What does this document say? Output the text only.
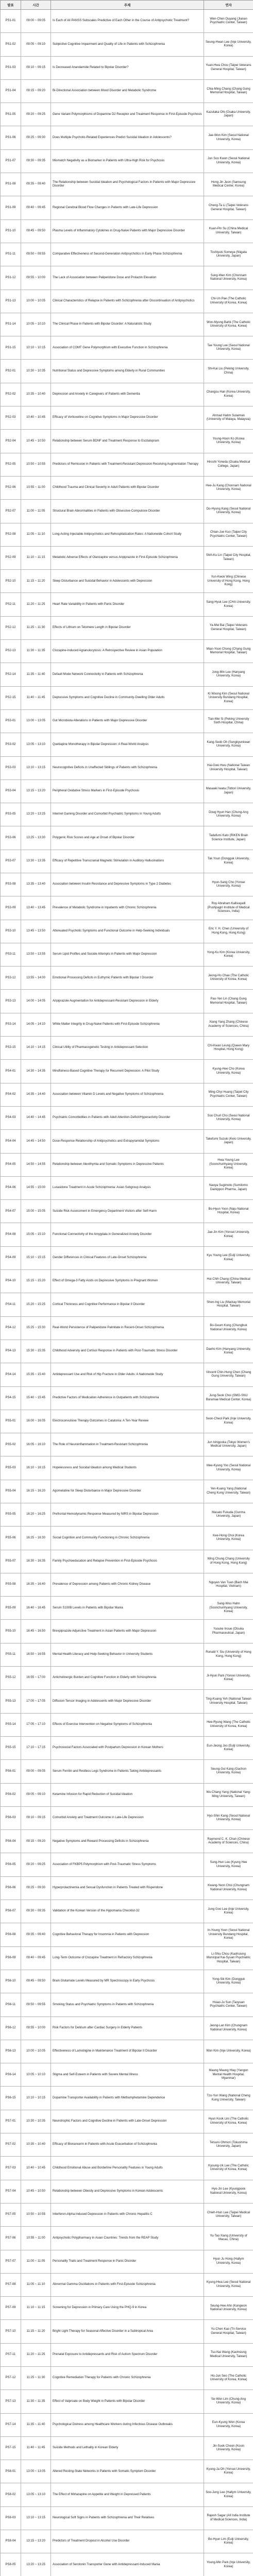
발표	시간	주제	연자
PS1-01	09:00 ~ 09:05	Is Each of All PANSS Subscales Predictive of Each Other in the Course of Antipsychotic Treatment?	Wen-Chen Ouyang (Jianan Psychiatric Center, Taiwan)
PS1-02	09:05 ~ 09:10	Subjective Cognitive Impairment and Quality of Life in Patients with Schizophrenia	Seung-Hwan Lee (Inje University, Korea)
PS1-03	09:10 ~ 09:15	Is Decreased Anandamide Related to Bipolar Disorder?	Yuan-Hwa Chou (Taipei Veterans General Hospital, Taiwan)
PS1-04	09:15 ~ 09:20	Bi-Directional Association between Mood Disorder and Metabolic Syndrome	Chia-Ming Chang (Chang Gung Memorial Hospital, Taiwan)
PS1-05	09:20 ~ 09:25	Gene Variant Polymorphisms of Dopamine D2 Receptor and Treatment Response in First-Episode Psychosis	Kazutaka Ohi (Osaka University, Japan)
PS1-06	09:25 ~ 09:30	Does Multiple Psychotic-Related Experiences Predict Suicidal Ideation in Adolescents?	Jae-Won Kim (Seoul National University, Korea)
PS1-07	09:30 ~ 09:35	Mismatch Negativity as a Biomarker in Patients with Ultra-High Risk for Psychosis	Jun Soo Kwon (Seoul National University, Korea)
PS1-08	09:35 ~ 09:40	The Relationship between Suicidal Ideation and Psychological Factors in Patients with Major Depressive Disorder	Hong Jin Jeon (Samsung Medical Center, Korea)
PS1-09	09:40 ~ 09:45	Regional Cerebral Blood Flow Changes in Patients with Late-Life Depression	Cheng-Ta Li (Taipei Veterans General Hospital, Taiwan)
PS1-10	09:45 ~ 09:50	Plasma Levels of Inflammatory Cytokines in Drug-Naive Patients with Major Depressive Disorder	Kuan-Pin Su (China Medical University, Taiwan)
PS1-11	09:50 ~ 09:55	Comparative Effectiveness of Second-Generation Antipsychotics in Early Phase Schizophrenia	Toshiyuki Someya (Niigata University, Japan)
PS1-12	09:55 ~ 10:00	The Lack of Association between Paliperidone Dose and Prolactin Elevation	Sung-Wan Kim (Chonnam National University, Korea)
PS1-13	10:00 ~ 10:05	Clinical Characteristics of Relapse in Patients with Schizophrenia after Discontinuation of Antipsychotics	Chi-Un Pae (The Catholic University of Korea, Korea)
PS1-14	10:05 ~ 10:10	The Clinical Phase in Patients with Bipolar Disorder: A Naturalistic Study	Won-Myong Bahk (The Catholic University of Korea, Korea)
PS1-15	10:10 ~ 10:15	Association of COMT Gene Polymorphism with Executive Function in Schizophrenia	Tae Young Lee (Seoul National University, Korea)
PS2-01	10:30 ~ 10:35	Nutritional Status and Depressive Symptoms among Elderly in Rural Communities	Shi-Kai Liu (Peking University, China)
PS2-02	10:35 ~ 10:40	Depression and Anxiety in Caregivers of Patients with Dementia	Changsu Han (Korea University, Korea)
PS2-03	10:40 ~ 10:45	Efficacy of Vortioxetine on Cognitive Symptoms in Major Depressive Disorder	Ahmad Hatim Sulaiman (University of Malaya, Malaysia)
PS2-04	10:45 ~ 10:50	Relationship between Serum BDNF and Treatment Response to Escitalopram	Young-Hoon Ko (Korea University, Korea)
PS2-05	10:50 ~ 10:55	Predictors of Remission in Patients with Treatment-Resistant Depression Receiving Augmentation Therapy	Hiroshi Yoneda (Osaka Medical College, Japan)
PS2-06	10:55 ~ 11:00	Childhood Trauma and Clinical Severity in Adult Patients with Bipolar Disorder	Hee-Ju Kang (Chonnam National University, Korea)
PS2-07	11:00 ~ 11:05	Structural Brain Abnormalities in Patients with Obsessive-Compulsive Disorder	Do-Hyung Kang (Seoul National University, Korea)
PS2-08	11:05 ~ 11:10	Long-Acting Injectable Antipsychotics and Rehospitalization Rates: A Nationwide Cohort Study	Chian-Jue Kuo (Taipei City Psychiatric Center, Taiwan)
PS2-09	11:10 ~ 11:15	Metabolic Adverse Effects of Olanzapine versus Aripiprazole in First-Episode Schizophrenia	Shih-Ku Lin (Taipei City Hospital, Taiwan)
PS2-10	11:15 ~ 11:20	Sleep Disturbance and Suicidal Behavior in Adolescents with Depression	Yun-Kwok Wing (Chinese University of Hong Kong, Hong Kong)
PS2-11	11:20 ~ 11:25	Heart Rate Variability in Patients with Panic Disorder	Sang-Hyuk Lee (CHA University, Korea)
PS2-12	11:25 ~ 11:30	Effects of Lithium on Telomere Length in Bipolar Disorder	Ya-Mei Bai (Taipei Veterans General Hospital, Taiwan)
PS2-13	11:30 ~ 11:35	Clozapine-Induced Agranulocytosis: A Retrospective Review in Asian Population	Mian-Yoon Chong (Chang Gung Memorial Hospital, Taiwan)
PS2-14	11:35 ~ 11:40	Default Mode Network Connectivity in Patients with Schizophrenia	Jong-Min Lee (Hanyang University, Korea)
PS2-15	11:40 ~ 11:45	Depressive Symptoms and Cognitive Decline in Community-Dwelling Older Adults	Ki Woong Kim (Seoul National University Bundang Hospital, Korea)
PS3-01	13:00 ~ 13:05	Gut Microbiota Alterations in Patients with Major Depressive Disorder	Tian-Mei Si (Peking University Sixth Hospital, China)
PS3-02	13:05 ~ 13:10	Quetiapine Monotherapy in Bipolar Depression: A Real-World Analysis	Kang-Seob Oh (Sungkyunkwan University, Korea)
PS3-03	13:10 ~ 13:15	Neurocognitive Deficits in Unaffected Siblings of Patients with Schizophrenia	Hai-Gwo Hwu (National Taiwan University Hospital, Taiwan)
PS3-04	13:15 ~ 13:20	Peripheral Oxidative Stress Markers in First-Episode Psychosis	Masaaki Iwata (Tottori University, Japan)
PS3-05	13:20 ~ 13:25	Internet Gaming Disorder and Comorbid Psychiatric Symptoms in Young Adults	Doug Hyun Han (Chung-Ang University, Korea)
PS3-06	13:25 ~ 13:30	Polygenic Risk Scores and Age at Onset of Bipolar Disorder	Tadafumi Kato (RIKEN Brain Science Institute, Japan)
PS3-07	13:30 ~ 13:35	Efficacy of Repetitive Transcranial Magnetic Stimulation in Auditory Hallucinations	Tak Youn (Dongguk University, Korea)
PS3-08	13:35 ~ 13:40	Association between Insulin Resistance and Depressive Symptoms in Type 2 Diabetes	Hyun-Sang Cho (Yonsei University, Korea)
PS3-09	13:40 ~ 13:45	Prevalence of Metabolic Syndrome in Inpatients with Chronic Schizophrenia	Roy Abraham Kallivayalil (Pushpagiri Institute of Medical Sciences, India)
PS3-10	13:45 ~ 13:50	Attenuated Psychotic Symptoms and Functional Outcome in Help-Seeking Individuals	Eric Y. H. Chen (University of Hong Kong, Hong Kong)
PS3-11	13:50 ~ 13:55	Serum Lipid Profiles and Suicide Attempts in Patients with Major Depression	Yong-Ku Kim (Korea University, Korea)
PS3-12	13:55 ~ 14:00	Emotional Processing Deficits in Euthymic Patients with Bipolar I Disorder	Jeong-Ho Chae (The Catholic University of Korea, Korea)
PS3-13	14:00 ~ 14:05	Aripiprazole Augmentation for Antidepressant-Resistant Depression in Elderly	Pao-Yen Lin (Chang Gung Memorial Hospital, Taiwan)
PS3-14	14:05 ~ 14:10	White Matter Integrity in Drug-Naive Patients with First-Episode Schizophrenia	Xiang Yang Zhang (Chinese Academy of Sciences, China)
PS3-15	14:10 ~ 14:15	Clinical Utility of Pharmacogenetic Testing in Antidepressant Selection	Chi-Kwan Leung (Queen Mary Hospital, Hong Kong)
PS4-01	14:30 ~ 14:35	Mindfulness-Based Cognitive Therapy for Recurrent Depression: A Pilot Study	Kyung-Hee Cho (Korea University, Korea)
PS4-02	14:35 ~ 14:40	Association between Vitamin D Levels and Negative Symptoms of Schizophrenia	Ming-Chyi Huang (Taipei City Psychiatric Center, Taiwan)
PS4-03	14:40 ~ 14:45	Psychiatric Comorbidities in Patients with Adult Attention-Deficit/Hyperactivity Disorder	Soo Churl Cho (Seoul National University, Korea)
PS4-04	14:45 ~ 14:50	Dose-Response Relationship of Antipsychotics and Extrapyramidal Symptoms	Takefumi Suzuki (Keio University, Japan)
PS4-05	14:50 ~ 14:55	Relationship between Alexithymia and Somatic Symptoms in Depressive Patients	Hwa-Young Lee (Soonchunhyang University, Korea)
PS4-06	14:55 ~ 15:00	Lurasidone Treatment in Acute Schizophrenia: Asian Subgroup Analysis	Naoya Sugimoto (Sumitomo Dainippon Pharma, Japan)
PS4-07	15:00 ~ 15:05	Suicide Risk Assessment in Emergency Department Visitors after Self-Harm	Bo-Hyun Yoon (Naju National Hospital, Korea)
PS4-08	15:05 ~ 15:10	Functional Connectivity of the Amygdala in Generalized Anxiety Disorder	Jae-Jin Kim (Yonsei University, Korea)
PS4-09	15:10 ~ 15:15	Gender Differences in Clinical Features of Late-Onset Schizophrenia	Kyu Young Lee (Eulji University, Korea)
PS4-10	15:15 ~ 15:20	Effect of Omega-3 Fatty Acids on Depressive Symptoms in Pregnant Women	Hui-Chih Chang (China Medical University, Taiwan)
PS4-11	15:20 ~ 15:25	Cortical Thickness and Cognitive Performance in Bipolar II Disorder	Shen-Ing Liu (Mackay Memorial Hospital, Taiwan)
PS4-12	15:25 ~ 15:30	Real-World Persistence of Paliperidone Palmitate in Recent-Onset Schizophrenia	Bo-Geum Kong (Chungbuk National University, Korea)
PS4-13	15:30 ~ 15:35	Childhood Adversity and Cortisol Response in Patients with Post-Traumatic Stress Disorder	Daeho Kim (Hanyang University, Korea)
PS4-14	15:35 ~ 15:40	Antidepressant Use and Risk of Hip Fracture in Older Adults: A Nationwide Study	Vincent Chin-Hung Chen (Chang Gung University, Taiwan)
PS4-15	15:40 ~ 15:45	Predictive Factors of Medication Adherence in Outpatients with Schizophrenia	Jung-Seok Choi (SMG-SNU Boramae Medical Center, Korea)
PS5-01	16:00 ~ 16:05	Electroconvulsive Therapy Outcomes in Catatonia: A Ten-Year Review	Seon-Cheol Park (Inje University, Korea)
PS5-02	16:05 ~ 16:10	The Role of Neuroinflammation in Treatment-Resistant Schizophrenia	Jun Ishigooka (Tokyo Women's Medical University, Japan)
PS5-03	16:10 ~ 16:15	Hopelessness and Suicidal Ideation among Medical Students	Mee-Kyung Yoo (Seoul National University, Korea)
PS5-04	16:15 ~ 16:20	Agomelatine for Sleep Disturbance in Major Depressive Disorder	Yen-Kuang Yang (National Cheng Kung University, Taiwan)
PS5-05	16:20 ~ 16:25	Prefrontal Hemodynamic Response Measured by NIRS in Bipolar Depression	Masato Fukuda (Gunma University, Japan)
PS5-06	16:25 ~ 16:30	Social Cognition and Community Functioning in Chronic Schizophrenia	Kee-Hong Choi (Korea University, Korea)
PS5-07	16:30 ~ 16:35	Family Psychoeducation and Relapse Prevention in First-Episode Psychosis	Wing Chung Chang (University of Hong Kong, Hong Kong)
PS5-08	16:35 ~ 16:40	Prevalence of Depression among Patients with Chronic Kidney Disease	Nguyen Van Tuan (Bach Mai Hospital, Vietnam)
PS5-09	16:40 ~ 16:45	Serum S100B Levels in Patients with Bipolar Mania	Sang-Woo Hahn (Soonchunhyang University, Korea)
PS5-10	16:45 ~ 16:50	Brexpiprazole Adjunctive Treatment in Asian Patients with Major Depression	Yusuke Inoue (Otsuka Pharmaceutical, Japan)
PS5-11	16:50 ~ 16:55	Mental Health Literacy and Help-Seeking Behavior in University Students	Ronald Y. Siu (University of Hong Kong, Hong Kong)
PS5-12	16:55 ~ 17:00	Anticholinergic Burden and Cognitive Function in Elderly with Schizophrenia	Ji-Hyun Park (Yonsei University, Korea)
PS5-13	17:00 ~ 17:05	Diffusion Tensor Imaging in Adolescents with Major Depressive Disorder	Ting-Kuang Yeh (National Taiwan University Hospital, Taiwan)
PS5-14	17:05 ~ 17:10	Effects of Exercise Intervention on Negative Symptoms of Schizophrenia	Hee-Ryung Wang (The Catholic University of Korea, Korea)
PS5-15	17:10 ~ 17:15	Psychosocial Factors Associated with Postpartum Depression in Korean Mothers	Eun-Jeong Joo (Eulji University, Korea)
PS6-01	09:00 ~ 09:05	Serum Ferritin and Restless Legs Syndrome in Patients Taking Antidepressants	Seung-Gul Kang (Gachon University, Korea)
PS6-02	09:05 ~ 09:10	Ketamine Infusion for Rapid Reduction of Suicidal Ideation	Wu-Chang Yang (National Yang-Ming University, Taiwan)
PS6-03	09:10 ~ 09:15	Comorbid Anxiety and Treatment Outcome in Late-Life Depression	Hyo-Shin Kang (Seoul National University, Korea)
PS6-04	09:15 ~ 09:20	Negative Symptoms and Reward Processing Deficits in Schizophrenia	Raymond C. K. Chan (Chinese Academy of Sciences, China)
PS6-05	09:20 ~ 09:25	Association of FKBP5 Polymorphism with Post-Traumatic Stress Symptoms	Sung-Hun Lee (Kyung Hee University, Korea)
PS6-06	09:25 ~ 09:30	Hyperprolactinemia and Sexual Dysfunction in Patients Treated with Risperidone	Kwang-Yeon Choi (Chungnam National University, Korea)
PS6-07	09:30 ~ 09:35	Validation of the Korean Version of the Hypomania Checklist-32	Jung Goo Lee (Inje University, Korea)
PS6-08	09:35 ~ 09:40	Cognitive Behavioral Therapy for Insomnia in Patients with Depression	In-Young Yoon (Seoul National University Bundang Hospital, Korea)
PS6-09	09:40 ~ 09:45	Long-Term Outcome of Clozapine Treatment in Refractory Schizophrenia	Li-Shiu Chou (Kaohsiung Municipal Kai-Syuan Psychiatric Hospital, Taiwan)
PS6-10	09:45 ~ 09:50	Brain Glutamate Levels Measured by MR Spectroscopy in Early Psychosis	Yong-Sik Kim (Dongguk University, Korea)
PS6-11	09:50 ~ 09:55	Smoking Status and Psychiatric Symptoms in Patients with Schizophrenia	Hsiao-Ju Sun (Taoyuan Psychiatric Center, Taiwan)
PS6-12	09:55 ~ 10:00	Risk Factors for Delirium after Cardiac Surgery in Elderly Patients	Jeong-Lan Kim (Chungnam National University, Korea)
PS6-13	10:00 ~ 10:05	Effectiveness of Lamotrigine in Maintenance Treatment of Bipolar II Disorder	Won Kim (Inje University, Korea)
PS6-14	10:05 ~ 10:10	Stigma and Self-Esteem in Patients with Severe Mental Illness	Maung Maung Htay (Yangon Mental Health Hospital, Myanmar)
PS6-15	10:10 ~ 10:15	Dopamine Transporter Availability in Patients with Methamphetamine Dependence	Tzu-Yun Wang (National Cheng Kung University, Taiwan)
PS7-01	10:30 ~ 10:35	Neurotrophic Factors and Cognitive Decline in Patients with Late-Onset Depression	Hyun Kook Lim (The Catholic University of Korea, Korea)
PS7-02	10:35 ~ 10:40	Efficacy of Blonanserin in Patients with Acute Exacerbation of Schizophrenia	Tetsuro Ohmori (Tokushima University, Japan)
PS7-03	10:40 ~ 10:45	Childhood Emotional Abuse and Borderline Personality Features in Young Adults	Kyoung-Uk Lee (The Catholic University of Korea, Korea)
PS7-04	10:45 ~ 10:50	Relationship between Obesity and Depressive Symptoms in Korean Adolescents	Hyo-Jin Lee (Kyungpook National University, Korea)
PS7-05	10:50 ~ 10:55	Interferon-Alpha-Induced Depression in Patients with Chronic Hepatitis C	Chieh-Hsin Lee (Taipei Medical University, Taiwan)
PS7-06	10:55 ~ 11:00	Antipsychotic Polypharmacy in Asian Countries: Trends from the REAP Study	Yu-Tao Xiang (University of Macau, China)
PS7-07	11:00 ~ 11:05	Personality Traits and Treatment Response in Panic Disorder	Hyun Ju Hong (Hallym University, Korea)
PS7-08	11:05 ~ 11:10	Abnormal Gamma Oscillations in Patients with First-Episode Schizophrenia	Kyung-Hwa Lee (Seoul National University, Korea)
PS7-09	11:10 ~ 11:15	Screening for Depression in Primary Care Using the PHQ-9 in Korea	Seung-Hee Ahn (Kangwon National University, Korea)
PS7-10	11:15 ~ 11:20	Bright Light Therapy for Seasonal Affective Disorder in a Subtropical Area	Yu-Chen Kao (Tri-Service General Hospital, Taiwan)
PS7-11	11:20 ~ 11:25	Prenatal Exposure to Antidepressants and Risk of Autism Spectrum Disorder	Tsu-Nai Wang (Kaohsiung Medical University, Taiwan)
PS7-12	11:25 ~ 11:30	Cognitive Remediation Therapy for Patients with Chronic Schizophrenia	Ho-Jun Seo (The Catholic University of Korea, Korea)
PS7-13	11:30 ~ 11:35	Effect of Valproate on Body Weight in Patients with Bipolar Disorder	Se-Won Lim (Chung-Ang University, Korea)
PS7-14	11:35 ~ 11:40	Psychological Distress among Healthcare Workers during Infectious Disease Outbreaks	Eun-Kyung Won (Korea University, Korea)
PS7-15	11:40 ~ 11:45	Suicide Methods and Lethality in Korean Elderly	Jin-Sook Cheon (Kosin University, Korea)
PS8-01	13:00 ~ 13:05	Altered Resting-State Networks in Patients with Somatic Symptom Disorder	Kyung-Ja Oh (Yonsei University, Korea)
PS8-02	13:05 ~ 13:10	The Effect of Mirtazapine on Appetite and Weight in Depressed Patients	Soo-Jung Lee (Hallym University, Korea)
PS8-03	13:10 ~ 13:15	Neurological Soft Signs in Patients with Schizophrenia and Their Relatives	Rajesh Sagar (All India Institute of Medical Sciences, India)
PS8-04	13:15 ~ 13:20	Predictors of Treatment Dropout in Alcohol Use Disorder	Bo-Hyun Lim (Eulji University, Korea)
PS8-05	13:20 ~ 13:25	Association of Serotonin Transporter Gene with Antidepressant-Induced Mania	Young-Min Park (Inje University, Korea)
